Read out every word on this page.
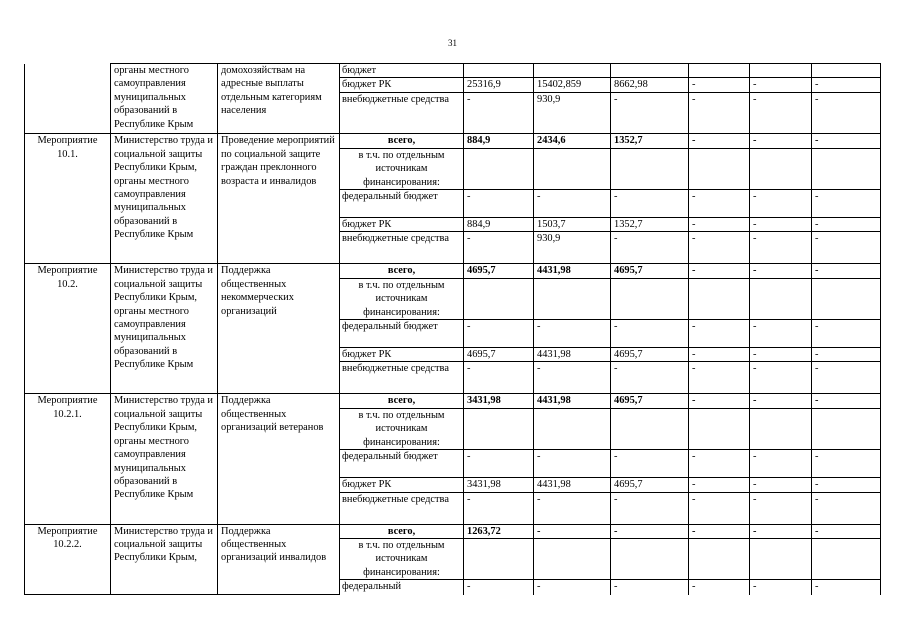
31
	органы местного самоуправления муниципальных образований в Республике Крым	домохозяйствам на адресные выплаты отдельным категориям населения	бюджет						
			бюджет РК	25316,9	15402,859	8662,98	-	-	-
			внебюджетные средства	-	930,9	-	-	-	-
Мероприятие 10.1.	Министерство труда и социальной защиты Республики Крым, органы местного самоуправления муниципальных образований в Республике Крым	Проведение мероприятий по социальной защите граждан преклонного возраста и инвалидов	всего,	884,9	2434,6	1352,7	-	-	-
			в т.ч. по отдельным источникам финансирования:						
			федеральный бюджет	-	-	-	-	-	-
			бюджет РК	884,9	1503,7	1352,7	-	-	-
			внебюджетные средства	-	930,9	-	-	-	-
Мероприятие 10.2.	Министерство труда и социальной защиты Республики Крым, органы местного самоуправления муниципальных образований в Республике Крым	Поддержка общественных некоммерческих организаций	всего,	4695,7	4431,98	4695,7	-	-	-
			в т.ч. по отдельным источникам финансирования:						
			федеральный бюджет	-	-	-	-	-	-
			бюджет РК	4695,7	4431,98	4695,7	-	-	-
			внебюджетные средства	-	-	-	-	-	-
Мероприятие 10.2.1.	Министерство труда и социальной защиты Республики Крым, органы местного самоуправления муниципальных образований в Республике Крым	Поддержка общественных организаций ветеранов	всего,	3431,98	4431,98	4695,7	-	-	-
			в т.ч. по отдельным источникам финансирования:						
			федеральный бюджет	-	-	-	-	-	-
			бюджет РК	3431,98	4431,98	4695,7	-	-	-
			внебюджетные средства	-	-	-	-	-	-
Мероприятие 10.2.2.	Министерство труда и социальной защиты Республики Крым,	Поддержка общественных организаций инвалидов	всего,	1263,72	-	-	-	-	-
			в т.ч. по отдельным источникам финансирования:						
			федеральный	-	-	-	-	-	-
